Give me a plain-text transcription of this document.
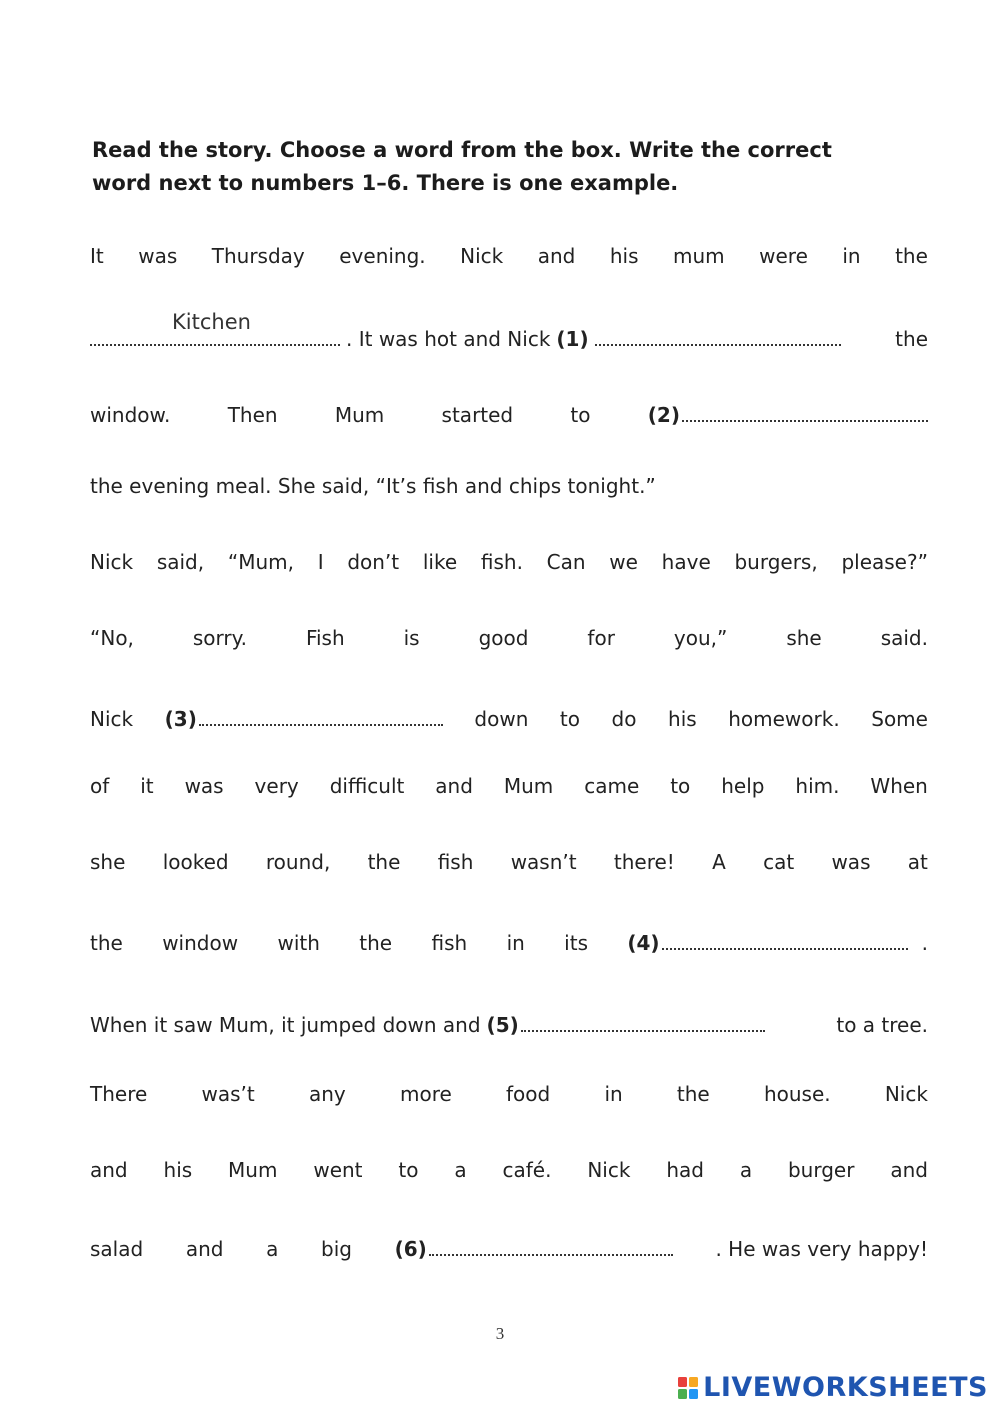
Read the story. Choose a word from the box. Write the correct
word next to numbers 1–6. There is one example.
It was Thursday evening. Nick and his mum were in the
Kitchen
. It was hot and Nick (1)	the
window.	Then	Mum	started	to	(2)
the evening meal. She said, “It’s fish and chips tonight.”
Nick said, “Mum, I don’t like fish. Can we have burgers, please?”
“No,	sorry.	Fish	is	good	for	you,”	she	said.
Nick (3)	down to do his homework. Some
of it was very difficult and Mum came to help him. When
she looked round, the fish wasn’t there! A cat was at
the window with the fish in its (4)	.
When it saw Mum, it jumped down and (5)	to a tree.
There	was’t	any	more	food	in	the	house.	Nick
and his Mum went to a café. Nick had a burger and
salad and a big (6)	. He was very happy!
3
LIVEWORKSHEETS
